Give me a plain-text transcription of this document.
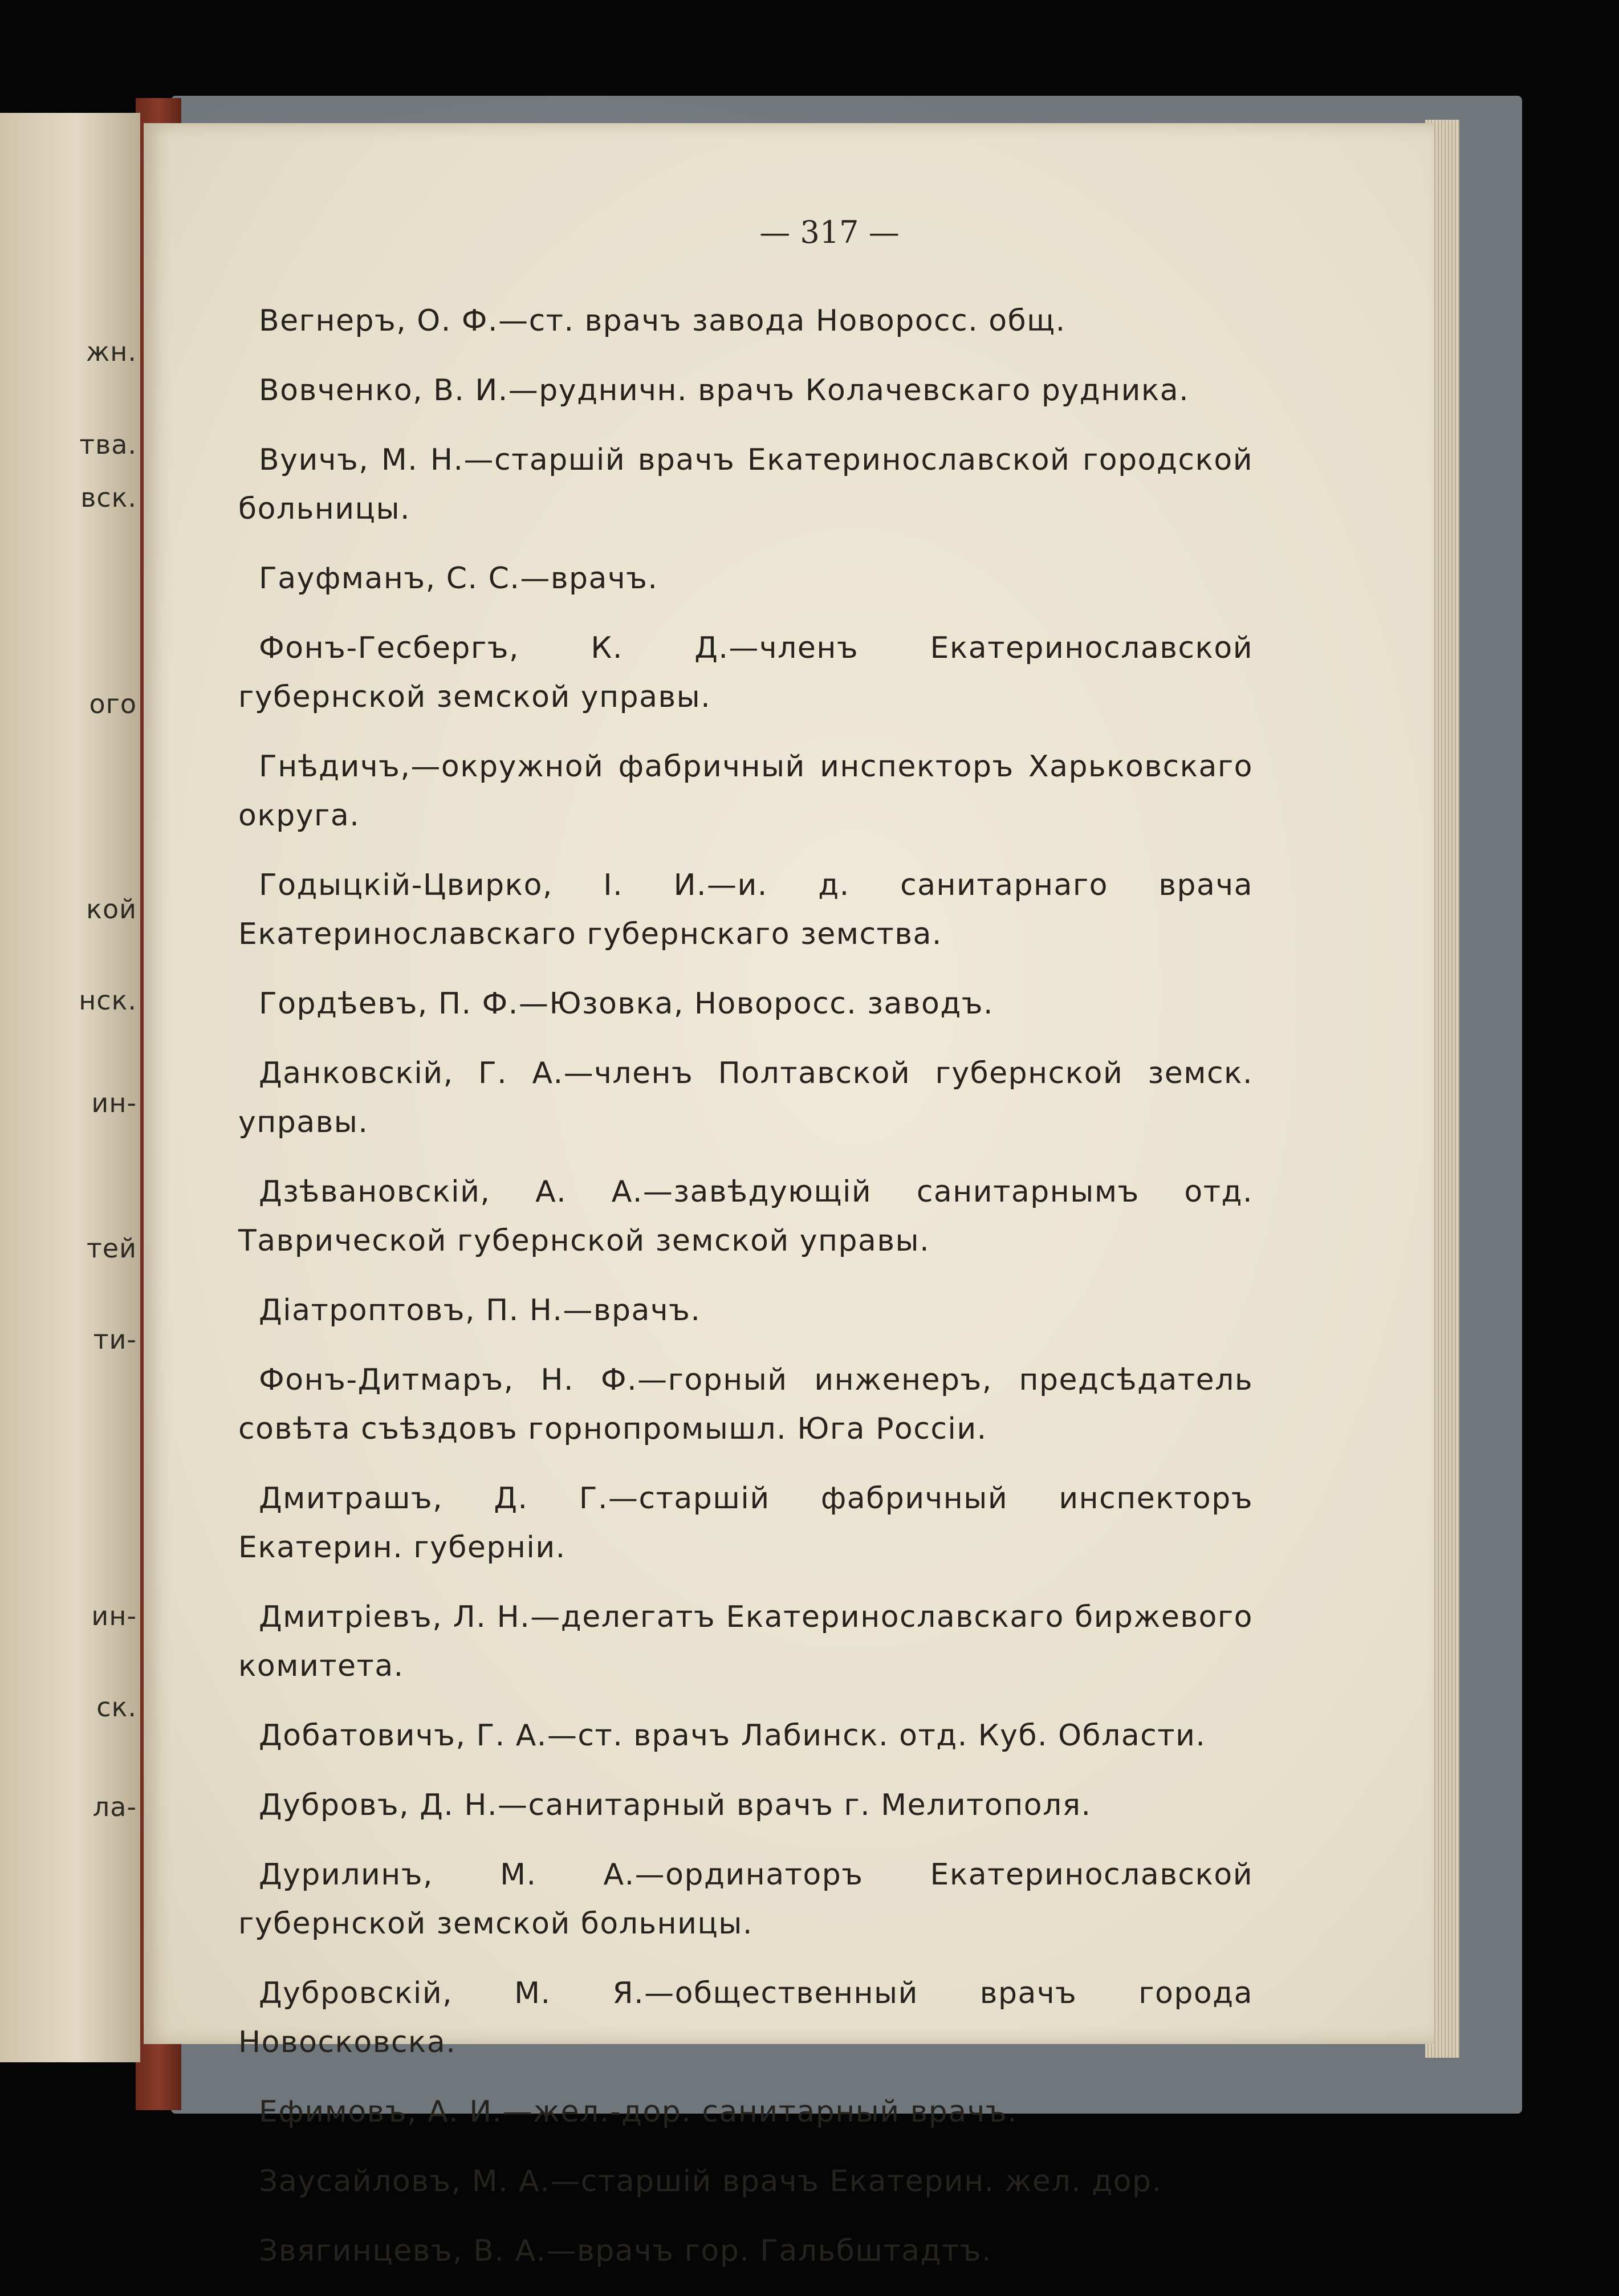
жн.
тва.
вск.
ого
кой
нск.
ин-
тей
ти-
ин-
ск.
ла-
— 317 —

Вегнеръ, О. Ф.—ст. врачъ завода Новоросс. общ.

Вовченко, В. И.—рудничн. врачъ Колачевскаго рудника.

Вуичъ, М. Н.—старшій врачъ Екатеринославской городской больницы.

Гауфманъ, С. С.—врачъ.

Фонъ-Гесбергъ, К. Д.—членъ Екатеринославской губернской земской управы.

Гнѣдичъ,—окружной фабричный инспекторъ Харьковскаго округа.

Годыцкій-Цвирко, І. И.—и. д. санитарнаго врача Екатеринославскаго губернскаго земства.

Гордѣевъ, П. Ф.—Юзовка, Новоросс. заводъ.

Данковскій, Г. А.—членъ Полтавской губернской земск. управы.

Дзѣвановскій, А. А.—завѣдующій санитарнымъ отд. Таврической губернской земской управы.

Діатроптовъ, П. Н.—врачъ.

Фонъ-Дитмаръ, Н. Ф.—горный инженеръ, предсѣдатель совѣта съѣздовъ горнопромышл. Юга Россіи.

Дмитрашъ, Д. Г.—старшій фабричный инспекторъ Екатерин. губерніи.

Дмитріевъ, Л. Н.—делегатъ Екатеринославскаго биржевого комитета.

Добатовичъ, Г. А.—ст. врачъ Лабинск. отд. Куб. Области.

Дубровъ, Д. Н.—санитарный врачъ г. Мелитополя.

Дурилинъ, М. А.—ординаторъ Екатеринославской губернской земской больницы.

Дубровскій, М. Я.—общественный врачъ города Новосковска.

Ефимовъ, А. И.—жел.-дор. санитарный врачъ.

Заусайловъ, М. А.—старшій врачъ Екатерин. жел. дор.

Звягинцевъ, В. А.—врачъ гор. Гальбштадтъ.
